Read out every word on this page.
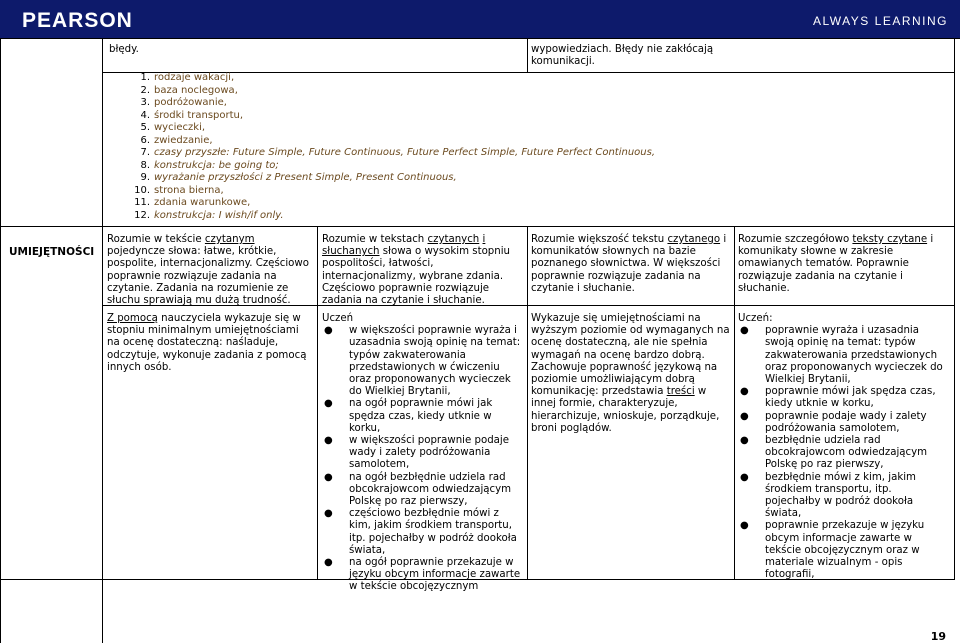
PEARSON	ALWAYS LEARNING
błędy.	wypowiedziach. Błędy nie zakłócają komunikacji.
1. rodzaje wakacji,
2. baza noclegowa,
3. podróżowanie,
4. środki transportu,
5. wycieczki,
6. zwiedzanie,
7. czasy przyszłe: Future Simple, Future Continuous, Future Perfect Simple, Future Perfect Continuous,
8. konstrukcja: be going to;
9. wyrażanie przyszłości z Present Simple, Present Continuous,
10. strona bierna,
11. zdania warunkowe,
12. konstrukcja: I wish/if only.
UMIEJĘTNOŚCI
Rozumie w tekście czytanym pojedyncze słowa: łatwe, krótkie, pospolite, internacjonalizmy. Częściowo poprawnie rozwiązuje zadania na czytanie. Zadania na rozumienie ze słuchu sprawiają mu dużą trudność.
Rozumie w tekstach czytanych i słuchanych słowa o wysokim stopniu pospolitości, łatwości, internacjonalizmy, wybrane zdania. Częściowo poprawnie rozwiązuje zadania na czytanie i słuchanie.
Rozumie większość tekstu czytanego i komunikatów słownych na bazie poznanego słownictwa. W większości poprawnie rozwiązuje zadania na czytanie i słuchanie.
Rozumie szczegółowo teksty czytane i komunikaty słowne w zakresie omawianych tematów. Poprawnie rozwiązuje zadania na czytanie i słuchanie.
Z pomocą nauczyciela wykazuje się w stopniu minimalnym umiejętnościami na ocenę dostateczną: naśladuje, odczytuje, wykonuje zadania z pomocą innych osób.

Uczeń

● w większości poprawnie wyraża i uzasadnia swoją opinię na temat: typów zakwaterowania przedstawionych w ćwiczeniu oraz proponowanych wycieczek do Wielkiej Brytanii,
● na ogół poprawnie mówi jak spędza czas, kiedy utknie w korku,
● w większości poprawnie podaje wady i zalety podróżowania samolotem,
● na ogół bezbłędnie udziela rad obcokrajowcom odwiedzającym Polskę po raz pierwszy,
● częściowo bezbłędnie mówi z kim, jakim środkiem transportu, itp. pojechałby w podróż dookoła świata,
● na ogół poprawnie przekazuje w języku obcym informacje zawarte w tekście obcojęzycznym
Wykazuje się umiejętnościami na wyższym poziomie od wymaganych na ocenę dostateczną, ale nie spełnia wymagań na ocenę bardzo dobrą. Zachowuje poprawność językową na poziomie umożliwiającym dobrą komunikację: przedstawia treści w innej formie, charakteryzuje, hierarchizuje, wnioskuje, porządkuje, broni poglądów.

Uczeń:

● poprawnie wyraża i uzasadnia swoją opinię na temat: typów zakwaterowania przedstawionych oraz proponowanych wycieczek do Wielkiej Brytanii,
● poprawnie mówi jak spędza czas, kiedy utknie w korku,
● poprawnie podaje wady i zalety podróżowania samolotem,
● bezbłędnie udziela rad obcokrajowcom odwiedzającym Polskę po raz pierwszy,
● bezbłędnie mówi z kim, jakim środkiem transportu, itp. pojechałby w podróż dookoła świata,
● poprawnie przekazuje w języku obcym informacje zawarte w tekście obcojęzycznym oraz w materiale wizualnym - opis fotografii,
19
